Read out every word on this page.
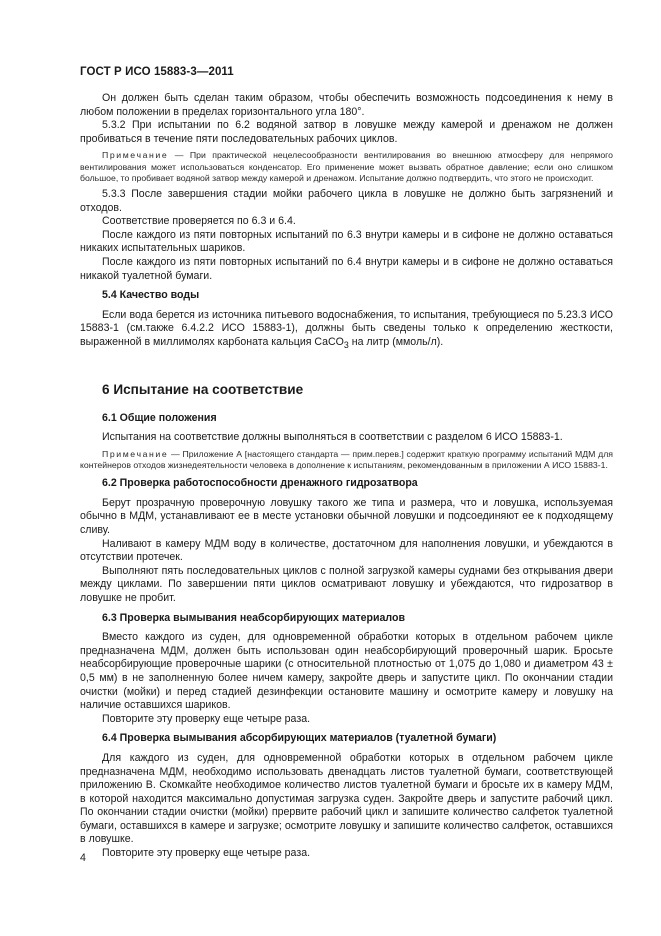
ГОСТ Р ИСО 15883-3—2011

Он должен быть сделан таким образом, чтобы обеспечить возможность подсоединения к нему в любом положении в пределах горизонтального угла 180°.

5.3.2 При испытании по 6.2 водяной затвор в ловушке между камерой и дренажом не должен пробиваться в течение пяти последовательных рабочих циклов.

Примечание — При практической нецелесообразности вентилирования во внешнюю атмосферу для непрямого вентилирования может использоваться конденсатор. Его применение может вызвать обратное давление; если оно слишком большое, то пробивает водяной затвор между камерой и дренажом. Испытание должно подтвердить, что этого не происходит.

5.3.3 После завершения стадии мойки рабочего цикла в ловушке не должно быть загрязнений и отходов.

Соответствие проверяется по 6.3 и 6.4.

После каждого из пяти повторных испытаний по 6.3 внутри камеры и в сифоне не должно оставаться никаких испытательных шариков.

После каждого из пяти повторных испытаний по 6.4 внутри камеры и в сифоне не должно оставаться никакой туалетной бумаги.

5.4 Качество воды

Если вода берется из источника питьевого водоснабжения, то испытания, требующиеся по 5.23.3 ИСО 15883-1 (см.также 6.4.2.2 ИСО 15883-1), должны быть сведены только к определению жесткости, выраженной в миллимолях карбоната кальция CaCO$_3$ на литр (ммоль/л).

6 Испытание на соответствие
6.1 Общие положения

Испытания на соответствие должны выполняться в соответствии с разделом 6 ИСО 15883-1.

Примечание — Приложение А [настоящего стандарта — прим.перев.] содержит краткую программу испытаний МДМ для контейнеров отходов жизнедеятельности человека в дополнение к испытаниям, рекомендованным в приложении А ИСО 15883-1.

6.2 Проверка работоспособности дренажного гидрозатвора

Берут прозрачную проверочную ловушку такого же типа и размера, что и ловушка, используемая обычно в МДМ, устанавливают ее в месте установки обычной ловушки и подсоединяют ее к подходящему сливу.

Наливают в камеру МДМ воду в количестве, достаточном для наполнения ловушки, и убеждаются в отсутствии протечек.

Выполняют пять последовательных циклов с полной загрузкой камеры суднами без открывания двери между циклами. По завершении пяти циклов осматривают ловушку и убеждаются, что гидрозатвор в ловушке не пробит.

6.3 Проверка вымывания неабсорбирующих материалов

Вместо каждого из суден, для одновременной обработки которых в отдельном рабочем цикле предназначена МДМ, должен быть использован один неабсорбирующий проверочный шарик. Бросьте неабсорбирующие проверочные шарики (с относительной плотностью от 1,075 до 1,080 и диаметром 43 ± 0,5 мм) в не заполненную более ничем камеру, закройте дверь и запустите цикл. По окончании стадии очистки (мойки) и перед стадией дезинфекции остановите машину и осмотрите камеру и ловушку на наличие оставшихся шариков.

Повторите эту проверку еще четыре раза.

6.4 Проверка вымывания абсорбирующих материалов (туалетной бумаги)

Для каждого из суден, для одновременной обработки которых в отдельном рабочем цикле предназначена МДМ, необходимо использовать двенадцать листов туалетной бумаги, соответствующей приложению В. Скомкайте необходимое количество листов туалетной бумаги и бросьте их в камеру МДМ, в которой находится максимально допустимая загрузка суден. Закройте дверь и запустите рабочий цикл. По окончании стадии очистки (мойки) прервите рабочий цикл и запишите количество салфеток туалетной бумаги, оставшихся в камере и загрузке; осмотрите ловушку и запишите количество салфеток, оставшихся в ловушке.

Повторите эту проверку еще четыре раза.

4
